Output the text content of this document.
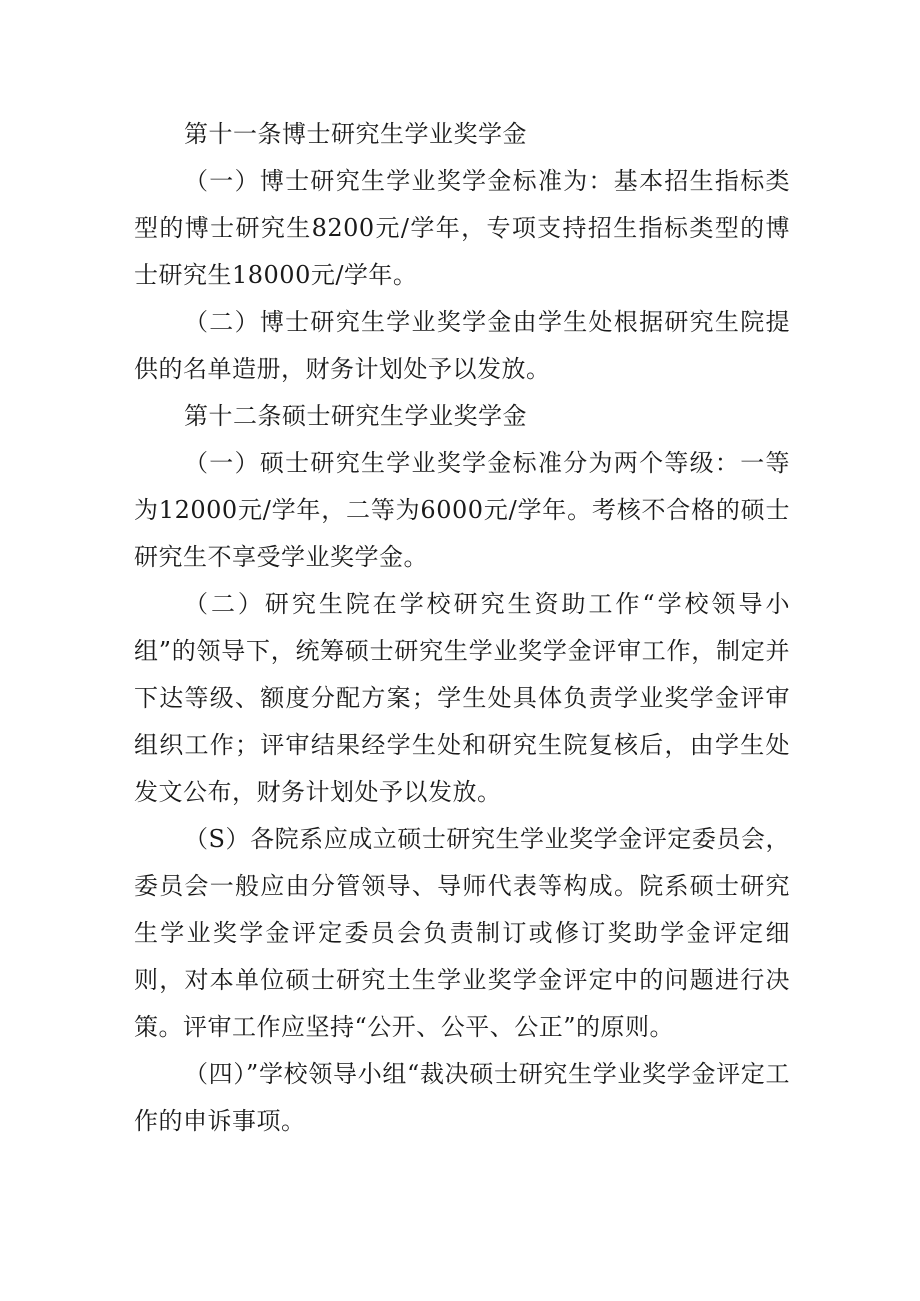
第十一条博士研究生学业奖学金

（一）博士研究生学业奖学金标准为：基本招生指标类型的博士研究生8200元/学年，专项支持招生指标类型的博士研究生18000元/学年。

（二）博士研究生学业奖学金由学生处根据研究生院提供的名单造册，财务计划处予以发放。

第十二条硕士研究生学业奖学金

（一）硕士研究生学业奖学金标准分为两个等级：一等为12000元/学年，二等为6000元/学年。考核不合格的硕士研究生不享受学业奖学金。

（二）研究生院在学校研究生资助工作“学校领导小组”的领导下，统筹硕士研究生学业奖学金评审工作，制定并下达等级、额度分配方案；学生处具体负责学业奖学金评审组织工作；评审结果经学生处和研究生院复核后，由学生处发文公布，财务计划处予以发放。

（S）各院系应成立硕士研究生学业奖学金评定委员会，委员会一般应由分管领导、导师代表等构成。院系硕士研究生学业奖学金评定委员会负责制订或修订奖助学金评定细则，对本单位硕士研究土生学业奖学金评定中的问题进行决策。评审工作应坚持“公开、公平、公正”的原则。

（四）”学校领导小组“裁决硕士研究生学业奖学金评定工作的申诉事项。
